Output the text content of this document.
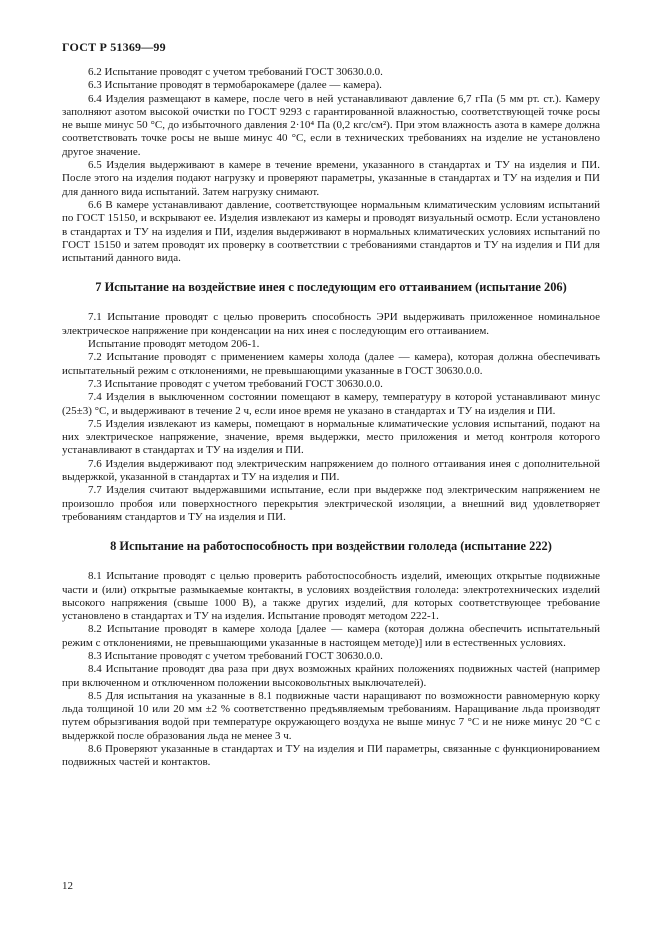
ГОСТ Р 51369—99

6.2 Испытание проводят с учетом требований ГОСТ 30630.0.0.

6.3 Испытание проводят в термобарокамере (далее — камера).

6.4 Изделия размещают в камере, после чего в ней устанавливают давление 6,7 гПа (5 мм рт. ст.). Камеру заполняют азотом высокой очистки по ГОСТ 9293 с гарантированной влажностью, соответствующей точке росы не выше минус 50 °С, до избыточного давления 2·10⁴ Па (0,2 кгс/см²). При этом влажность азота в камере должна соответствовать точке росы не выше минус 40 °С, если в технических требованиях на изделие не установлено другое значение.

6.5 Изделия выдерживают в камере в течение времени, указанного в стандартах и ТУ на изделия и ПИ. После этого на изделия подают нагрузку и проверяют параметры, указанные в стандартах и ТУ на изделия и ПИ для данного вида испытаний. Затем нагрузку снимают.

6.6 В камере устанавливают давление, соответствующее нормальным климатическим условиям испытаний по ГОСТ 15150, и вскрывают ее. Изделия извлекают из камеры и проводят визуальный осмотр. Если установлено в стандартах и ТУ на изделия и ПИ, изделия выдерживают в нормальных климатических условиях испытаний по ГОСТ 15150 и затем проводят их проверку в соответствии с требованиями стандартов и ТУ на изделия и ПИ для испытаний данного вида.

7 Испытание на воздействие инея с последующим его оттаиванием (испытание 206)

7.1 Испытание проводят с целью проверить способность ЭРИ выдерживать приложенное номинальное электрическое напряжение при конденсации на них инея с последующим его оттаиванием.

Испытание проводят методом 206-1.

7.2 Испытание проводят с применением камеры холода (далее — камера), которая должна обеспечивать испытательный режим с отклонениями, не превышающими указанные в ГОСТ 30630.0.0.

7.3 Испытание проводят с учетом требований ГОСТ 30630.0.0.

7.4 Изделия в выключенном состоянии помещают в камеру, температуру в которой устанавливают минус (25±3) °С, и выдерживают в течение 2 ч, если иное время не указано в стандартах и ТУ на изделия и ПИ.

7.5 Изделия извлекают из камеры, помещают в нормальные климатические условия испытаний, подают на них электрическое напряжение, значение, время выдержки, место приложения и метод контроля которого устанавливают в стандартах и ТУ на изделия и ПИ.

7.6 Изделия выдерживают под электрическим напряжением до полного оттаивания инея с дополнительной выдержкой, указанной в стандартах и ТУ на изделия и ПИ.

7.7 Изделия считают выдержавшими испытание, если при выдержке под электрическим напряжением не произошло пробоя или поверхностного перекрытия электрической изоляции, а внешний вид удовлетворяет требованиям стандартов и ТУ на изделия и ПИ.

8 Испытание на работоспособность при воздействии гололеда (испытание 222)

8.1 Испытание проводят с целью проверить работоспособность изделий, имеющих открытые подвижные части и (или) открытые размыкаемые контакты, в условиях воздействия гололеда: электротехнических изделий высокого напряжения (свыше 1000 В), а также других изделий, для которых соответствующее требование установлено в стандартах и ТУ на изделия. Испытание проводят методом 222-1.

8.2 Испытание проводят в камере холода [далее — камера (которая должна обеспечить испытательный режим с отклонениями, не превышающими указанные в настоящем методе)] или в естественных условиях.

8.3 Испытание проводят с учетом требований ГОСТ 30630.0.0.

8.4 Испытание проводят два раза при двух возможных крайних положениях подвижных частей (например при включенном и отключенном положении высоковольтных выключателей).

8.5 Для испытания на указанные в 8.1 подвижные части наращивают по возможности равномерную корку льда толщиной 10 или 20 мм ±2 % соответственно предъявляемым требованиям. Наращивание льда производят путем обрызгивания водой при температуре окружающего воздуха не выше минус 7 °С и не ниже минус 20 °С с выдержкой после образования льда не менее 3 ч.

8.6 Проверяют указанные в стандартах и ТУ на изделия и ПИ параметры, связанные с функционированием подвижных частей и контактов.

12
